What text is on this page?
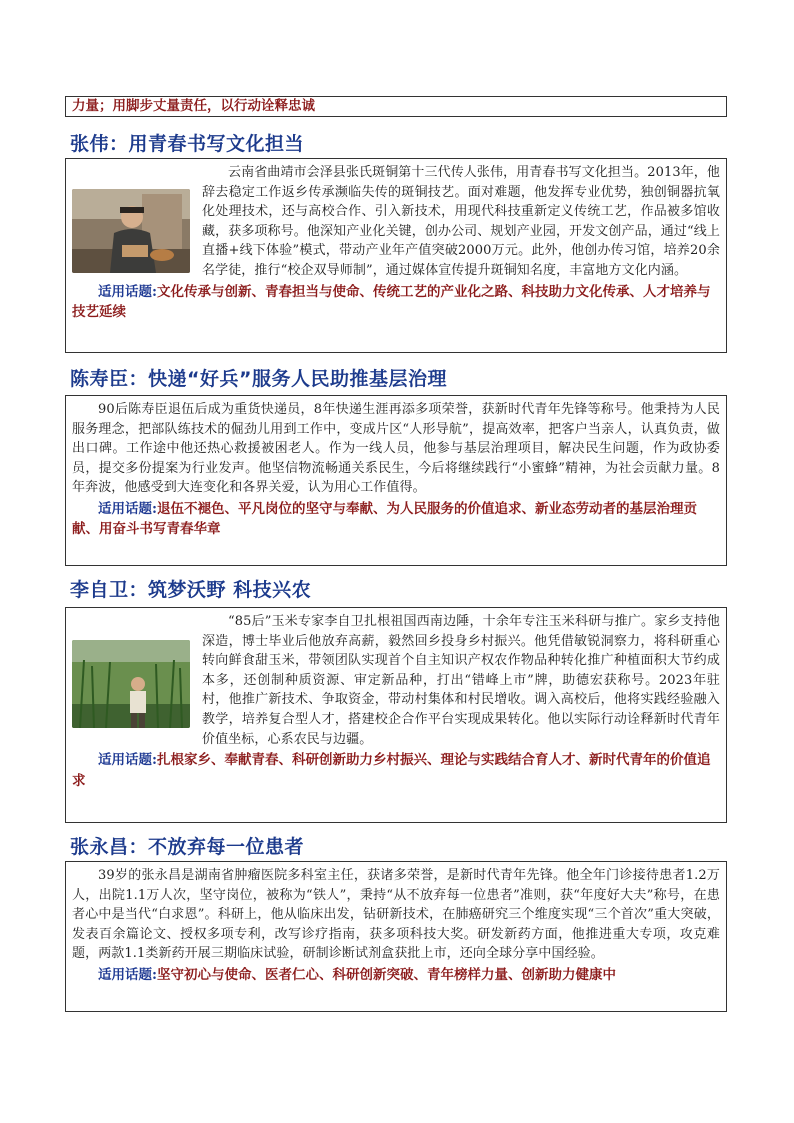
力量；用脚步丈量责任，以行动诠释忠诚

张伟：用青春书写文化担当

云南省曲靖市会泽县张氏斑铜第十三代传人张伟，用青春书写文化担当。2013年，他辞去稳定工作返乡传承濒临失传的斑铜技艺。面对难题，他发挥专业优势，独创铜器抗氧化处理技术，还与高校合作、引入新技术，用现代科技重新定义传统工艺，作品被多馆收藏，获多项称号。他深知产业化关键，创办公司、规划产业园，开发文创产品，通过“线上直播+线下体验”模式，带动产业年产值突破2000万元。此外，他创办传习馆，培养20余名学徒，推行“校企双导师制”，通过媒体宣传提升斑铜知名度，丰富地方文化内涵。

适用话题:文化传承与创新、青春担当与使命、传统工艺的产业化之路、科技助力文化传承、人才培养与技艺延续

陈寿臣：快递“好兵”服务人民助推基层治理

90后陈寿臣退伍后成为重货快递员，8年快递生涯再添多项荣誉，获新时代青年先锋等称号。他秉持为人民服务理念，把部队练技术的倔劲儿用到工作中，变成片区“人形导航”，提高效率，把客户当亲人，认真负责，做出口碑。工作途中他还热心救援被困老人。作为一线人员，他参与基层治理项目，解决民生问题，作为政协委员，提交多份提案为行业发声。他坚信物流畅通关系民生，今后将继续践行“小蜜蜂”精神，为社会贡献力量。8年奔波，他感受到大连变化和各界关爱，认为用心工作值得。

适用话题:退伍不褪色、平凡岗位的坚守与奉献、为人民服务的价值追求、新业态劳动者的基层治理贡献、用奋斗书写青春华章

李自卫：筑梦沃野 科技兴农

“85后”玉米专家李自卫扎根祖国西南边陲，十余年专注玉米科研与推广。家乡支持他深造，博士毕业后他放弃高薪，毅然回乡投身乡村振兴。他凭借敏锐洞察力，将科研重心转向鲜食甜玉米，带领团队实现首个自主知识产权农作物品种转化推广种植面积大节约成本多，还创制种质资源、审定新品种，打出“错峰上市”牌，助德宏获称号。2023年驻村，他推广新技术、争取资金，带动村集体和村民增收。调入高校后，他将实践经验融入教学，培养复合型人才，搭建校企合作平台实现成果转化。他以实际行动诠释新时代青年价值坐标，心系农民与边疆。

适用话题:扎根家乡、奉献青春、科研创新助力乡村振兴、理论与实践结合育人才、新时代青年的价值追求

张永昌：不放弃每一位患者

39岁的张永昌是湖南省肿瘤医院多科室主任，获诸多荣誉，是新时代青年先锋。他全年门诊接待患者1.2万人，出院1.1万人次，坚守岗位，被称为“铁人”，秉持“从不放弃每一位患者”准则，获“年度好大夫”称号，在患者心中是当代“白求恩”。科研上，他从临床出发，钻研新技术，在肺癌研究三个维度实现“三个首次”重大突破，发表百余篇论文、授权多项专利，改写诊疗指南，获多项科技大奖。研发新药方面，他推进重大专项，攻克难题，两款1.1类新药开展三期临床试验，研制诊断试剂盒获批上市，还向全球分享中国经验。

适用话题:坚守初心与使命、医者仁心、科研创新突破、青年榜样力量、创新助力健康中
